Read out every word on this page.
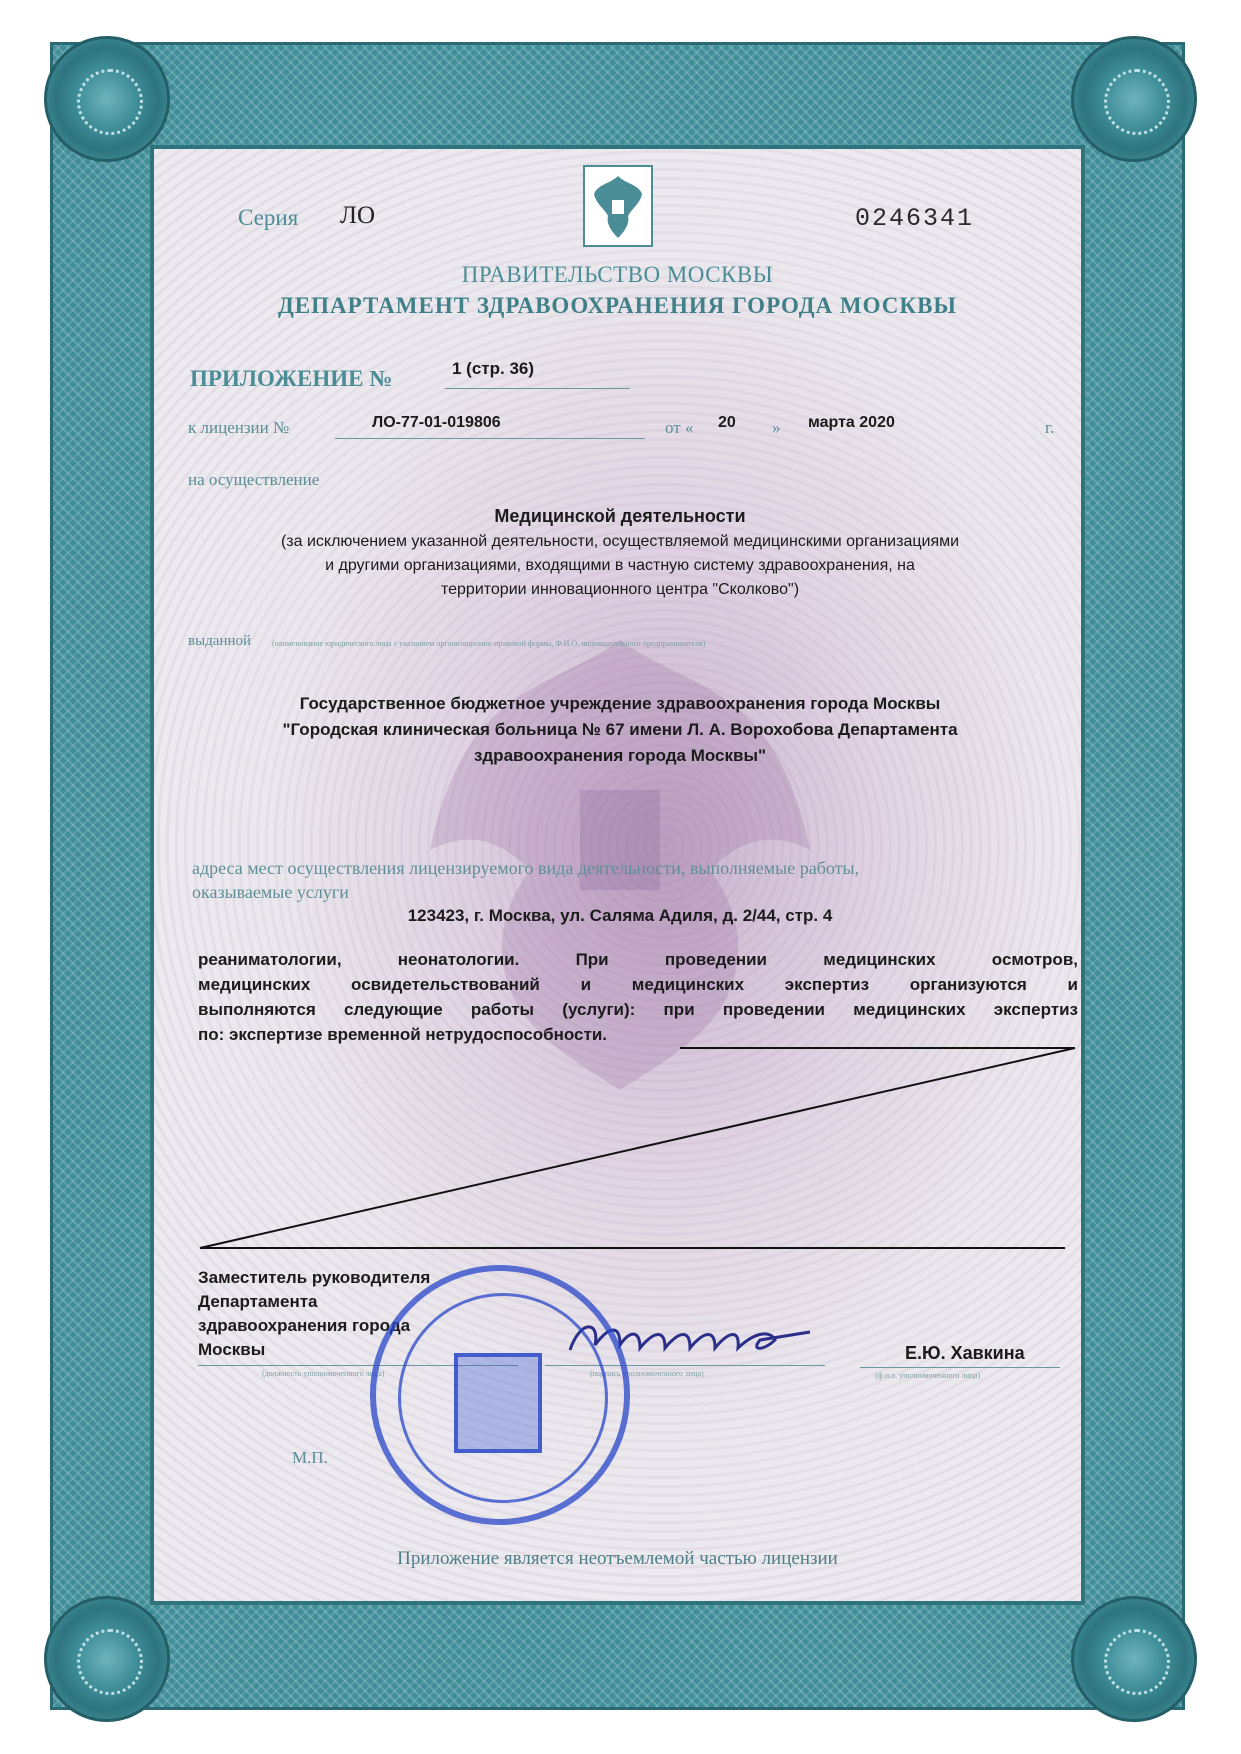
Серия ЛО	0246341
ПРАВИТЕЛЬСТВО МОСКВЫ
ДЕПАРТАМЕНТ ЗДРАВООХРАНЕНИЯ ГОРОДА МОСКВЫ
ПРИЛОЖЕНИЕ №	1 (стр. 36)
к лицензии №	ЛО-77-01-019806	от « 20 » марта 2020	г.
на осуществление
Медицинской деятельности
(за исключением указанной деятельности, осуществляемой медицинскими организациями
и другими организациями, входящими в частную систему здравоохранения, на
территории инновационного центра "Сколково")
выданной	(наименование юридического лица с указанием организационно-правовой формы, Ф.И.О. индивидуального предпринимателя)
Государственное бюджетное учреждение здравоохранения города Москвы
"Городская клиническая больница № 67 имени Л. А. Ворохобова Департамента
здравоохранения города Москвы"
адреса мест осуществления лицензируемого вида деятельности, выполняемые работы,
оказываемые услуги
123423, г. Москва, ул. Саляма Адиля, д. 2/44, стр. 4
реаниматологии, неонатологии. При проведении медицинских осмотров,
медицинских освидетельствований и медицинских экспертиз организуются и
выполняются следующие работы (услуги): при проведении медицинских экспертиз
по: экспертизе временной нетрудоспособности.
Заместитель руководителя
Департамента
здравоохранения города
Москвы
(должность уполномоченного лица)	(подпись уполномоченного лица)
Е.Ю. Хавкина
(ф.и.о. уполномоченного лица)
М.П.
Приложение является неотъемлемой частью лицензии
